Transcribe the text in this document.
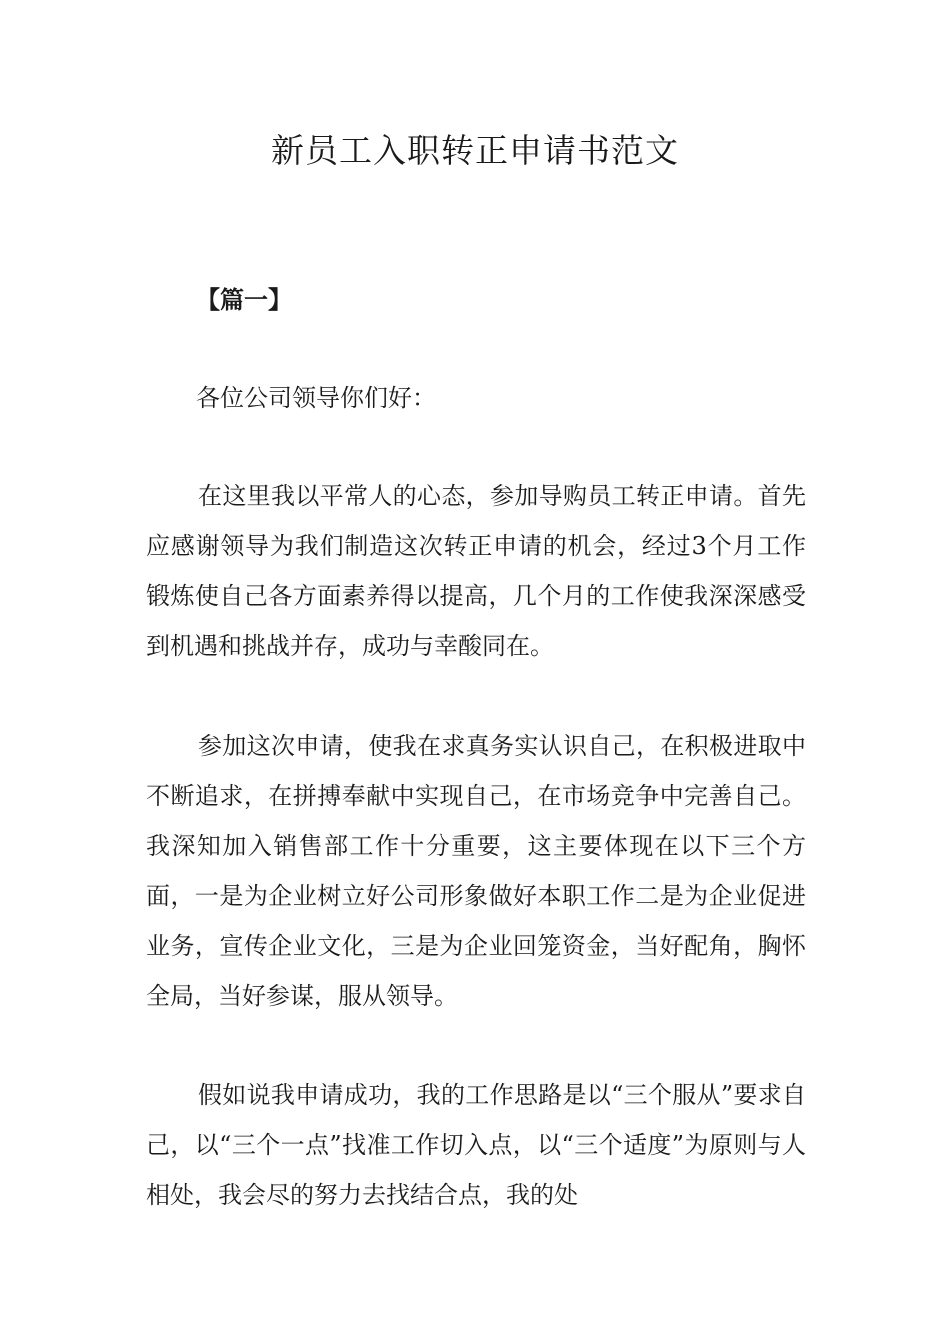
新员工入职转正申请书范文

【篇一】

各位公司领导你们好：

在这里我以平常人的心态，参加导购员工转正申请。首先应感谢领导为我们制造这次转正申请的机会，经过3个月工作锻炼使自己各方面素养得以提高，几个月的工作使我深深感受到机遇和挑战并存，成功与幸酸同在。

参加这次申请，使我在求真务实认识自己，在积极进取中不断追求，在拼搏奉献中实现自己，在市场竞争中完善自己。我深知加入销售部工作十分重要，这主要体现在以下三个方面，一是为企业树立好公司形象做好本职工作二是为企业促进业务，宣传企业文化，三是为企业回笼资金，当好配角，胸怀全局，当好参谋，服从领导。

假如说我申请成功，我的工作思路是以“三个服从”要求自己，以“三个一点”找准工作切入点，以“三个适度”为原则与人相处，我会尽的努力去找结合点，我的处
